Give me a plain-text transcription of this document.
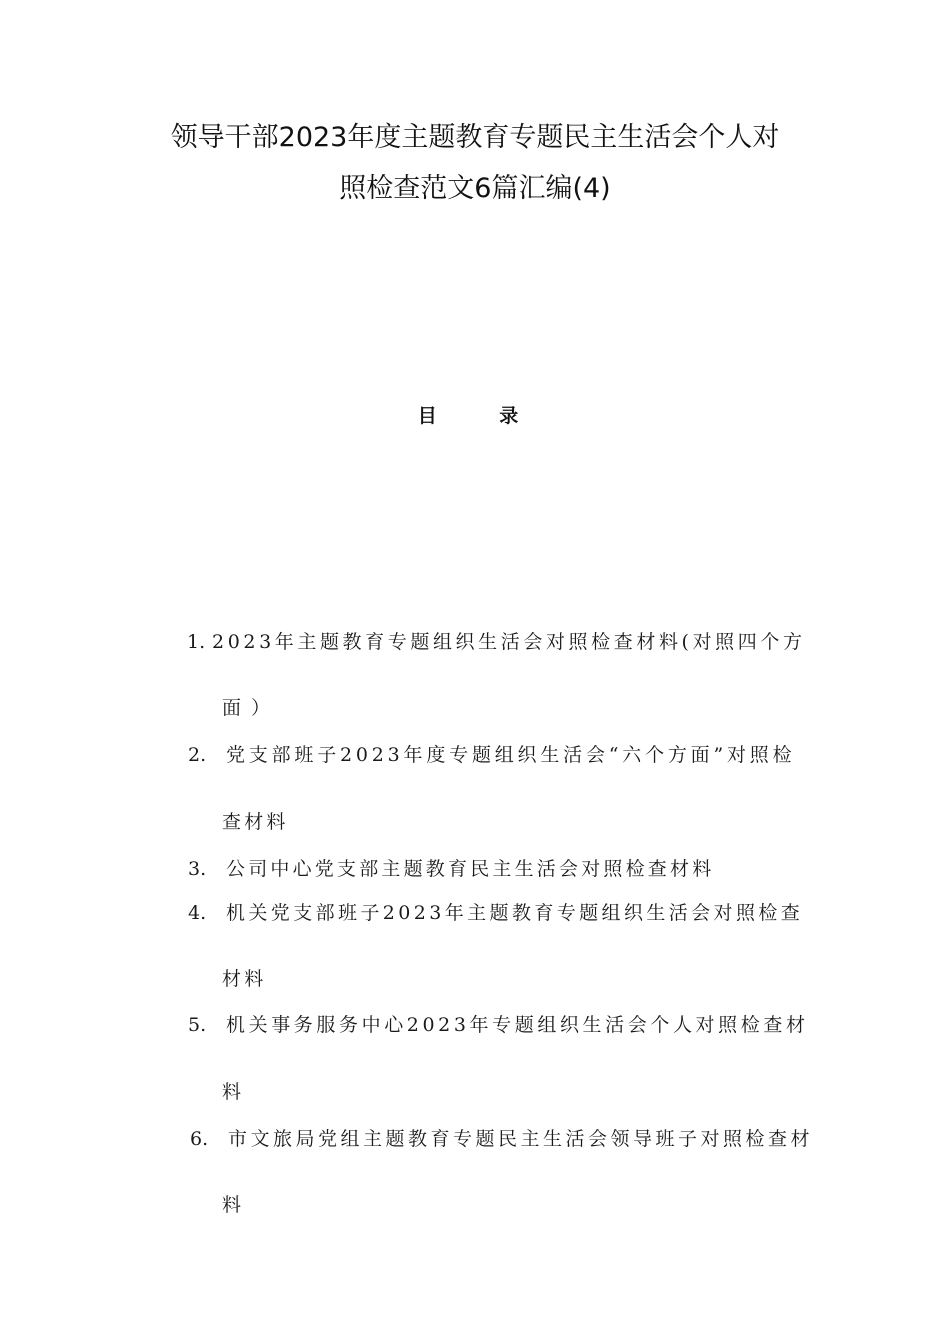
领导干部2023年度主题教育专题民主生活会个人对
照检查范文6篇汇编(4)
目 录
1. 2023年主题教育专题组织生活会对照检查材料(对照四个方
面）
2. 党支部班子2023年度专题组织生活会“六个方面”对照检
查材料
3. 公司中心党支部主题教育民主生活会对照检查材料
4. 机关党支部班子2023年主题教育专题组织生活会对照检查
材料
5. 机关事务服务中心2023年专题组织生活会个人对照检查材
料
6. 市文旅局党组主题教育专题民主生活会领导班子对照检查材
料
